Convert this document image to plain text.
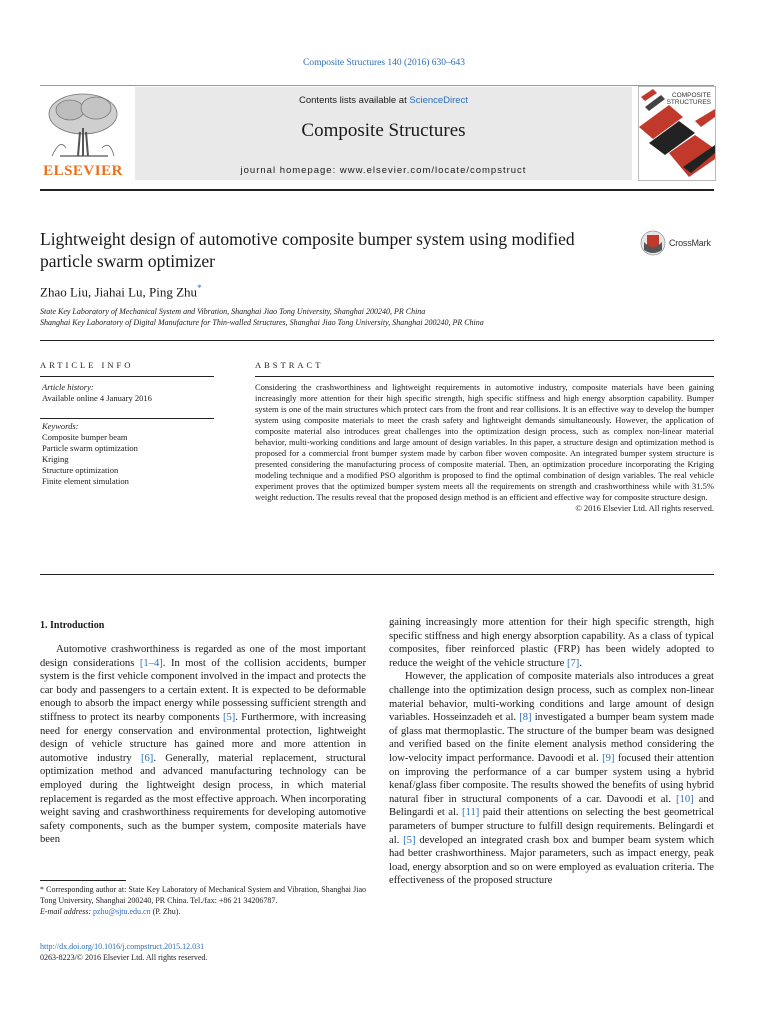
Composite Structures 140 (2016) 630–643
ELSEVIER
Contents lists available at ScienceDirect
Composite Structures
journal homepage: www.elsevier.com/locate/compstruct
COMPOSITE
STRUCTURES
Lightweight design of automotive composite bumper system using modified particle swarm optimizer
CrossMark
Zhao Liu, Jiahai Lu, Ping Zhu*
State Key Laboratory of Mechanical System and Vibration, Shanghai Jiao Tong University, Shanghai 200240, PR China
Shanghai Key Laboratory of Digital Manufacture for Thin-walled Structures, Shanghai Jiao Tong University, Shanghai 200240, PR China
ARTICLE INFO
Article history:
Available online 4 January 2016
Keywords:
Composite bumper beam
Particle swarm optimization
Kriging
Structure optimization
Finite element simulation
ABSTRACT
Considering the crashworthiness and lightweight requirements in automotive industry, composite materials have been gaining increasingly more attention for their high specific strength, high specific stiffness and high energy absorption capability. Bumper system is one of the main structures which protect cars from the front and rear collisions. It is an effective way to develop the bumper system using composite materials to meet the crash safety and lightweight demands simultaneously. However, the application of composite material also introduces great challenges into the optimization design process, such as complex non-linear material behavior, multi-working conditions and large amount of design variables. In this paper, a structure design and optimization method is proposed for a commercial front bumper system made by carbon fiber woven composite. An integrated bumper system structure is presented considering the manufacturing process of composite material. Then, an optimization procedure incorporating the Kriging modeling technique and a modified PSO algorithm is proposed to find the optimal combination of design variables. The real vehicle experiment proves that the optimized bumper system meets all the requirements on strength and crashworthiness while with 31.5% weight reduction. The results reveal that the proposed design method is an efficient and effective way for composite structure design.
© 2016 Elsevier Ltd. All rights reserved.
1. Introduction

Automotive crashworthiness is regarded as one of the most important design considerations [1–4]. In most of the collision accidents, bumper system is the first vehicle component involved in the impact and protects the car body and passengers to a certain extent. It is expected to be deformable enough to absorb the impact energy while possessing sufficient strength and stiffness to protect its nearby components [5]. Furthermore, with increasing need for energy conservation and environmental protection, lightweight design of vehicle structure has gained more and more attention in automotive industry [6]. Generally, material replacement, structural optimization method and advanced manufacturing technology can be employed during the lightweight design process, in which material replacement is regarded as the most effective approach. When incorporating weight saving and crashworthiness requirements for developing automotive safety components, such as the bumper system, composite materials have been

gaining increasingly more attention for their high specific strength, high specific stiffness and high energy absorption capability. As a class of typical composites, fiber reinforced plastic (FRP) has been widely adopted to reduce the weight of the vehicle structure [7].

However, the application of composite materials also introduces a great challenge into the optimization design process, such as complex non-linear material behavior, multi-working conditions and large amount of design variables. Hosseinzadeh et al. [8] investigated a bumper beam system made of glass mat thermoplastic. The structure of the bumper beam was designed and verified based on the finite element analysis method considering the low-velocity impact performance. Davoodi et al. [9] focused their attention on improving the performance of a car bumper system using a hybrid kenaf/glass fiber composite. The results showed the benefits of using hybrid natural fiber in structural components of a car. Davoodi et al. [10] and Belingardi et al. [11] paid their attentions on selecting the best geometrical parameters of bumper structure to fulfill design requirements. Belingardi et al. [5] developed an integrated crash box and bumper beam system which had better crashworthiness. Major parameters, such as impact energy, peak load, energy absorption and so on were employed as evaluation criteria. The effectiveness of the proposed structure

* Corresponding author at: State Key Laboratory of Mechanical System and Vibration, Shanghai Jiao Tong University, Shanghai 200240, PR China. Tel./fax: +86 21 34206787.
E-mail address: pzhu@sjtu.edu.cn (P. Zhu).
http://dx.doi.org/10.1016/j.compstruct.2015.12.031
0263-8223/© 2016 Elsevier Ltd. All rights reserved.
